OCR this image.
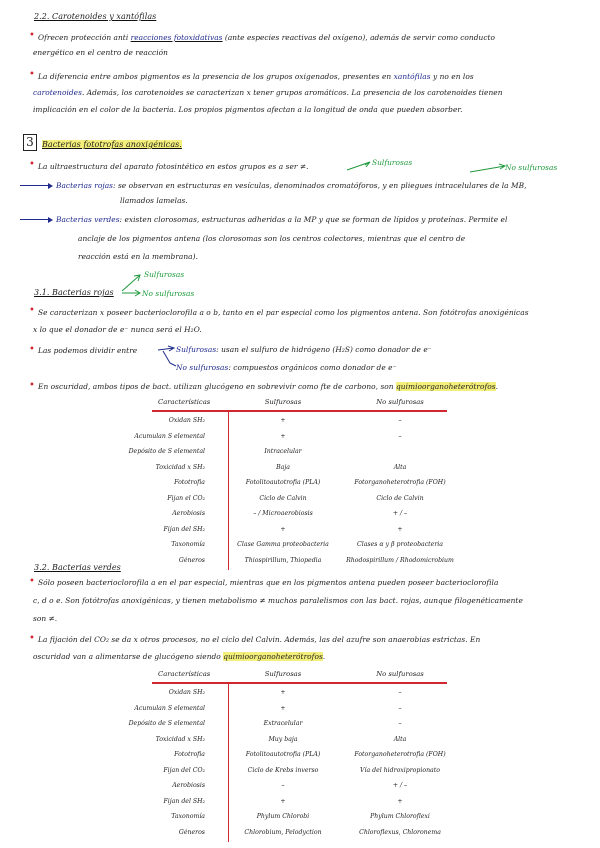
2.2. Carotenoides y xantófilas
• Ofrecen protección anti reacciones fotoxidativas (ante especies reactivas del oxígeno), además de servir como conducto
energético en el centro de reacción
• La diferencia entre ambos pigmentos es la presencia de los grupos oxigenados, presentes en xantófilas y no en los
carotenoides. Además, los carotenoides se caracterizan x tener grupos aromáticos. La presencia de los carotenoides tienen
implicación en el color de la bacteria. Los propios pigmentos afectan a la longitud de onda que pueden absorber.
3	Bacterias fototrofas anoxigénicas.
• La ultraestructura del aparato fotosintético en estos grupos es a ser ≠.	Sulfurosas
No sulfurosas
Bacterias rojas: se observan en estructuras en vesículas, denominados cromatóforos, y en pliegues intracelulares de la MB,
llamados lamelas.
Bacterias verdes: existen clorosomas, estructuras adheridas a la MP y que se forman de lípidos y proteínas. Permite el
anclaje de los pigmentos antena (los clorosomas son los centros colectores, mientras que el centro de
reacción está en la membrana).
Sulfurosas
3.1. Bacterias rojas	No sulfurosas
• Se caracterizan x poseer bacterioclorofila a o b, tanto en el par especial como los pigmentos antena. Son fotótrofas anoxigénicas
x lo que el donador de e⁻ nunca será el H₂O.
• Las podemos dividir entre	Sulfurosas: usan el sulfuro de hidrógeno (H₂S) como donador de e⁻
No sulfurosas: compuestos orgánicos como donador de e⁻
• En oscuridad, ambos tipos de bact. utilizan glucógeno en sobrevivir como fte de carbono, son quimioorganoheterótrofos.
Características	Sulfurosas	No sulfurosas
Oxidan SH₂	+	–
Acumulan S elemental	+	–
Depósito de S elemental	Intracelular
Toxicidad x SH₂	Baja	Alta
Fototrofia	Fotolitoautotrofia (PLA)	Fotorganoheterotrofia (FOH)
Fijan el CO₂	Ciclo de Calvin	Ciclo de Calvin
Aerobiosis	– / Microaerobiosis	+ / –
Fijan del SH₂	+	+
Taxonomía	Clase Gamma proteobacteria	Clases α y β proteobacteria
Géneros	Thiospirillum, Thiopedia	Rhodospirillum / Rhodomicrobium
3.2. Bacterias verdes
• Sólo poseen bacterioclorofila a en el par especial, mientras que en los pigmentos antena pueden poseer bacterioclorofila
c, d o e. Son fotótrofas anoxigénicas, y tienen metabolismo ≠ muchos paralelismos con las bact. rojas, aunque filogenéticamente
son ≠.
• La fijación del CO₂ se da x otros procesos, no el ciclo del Calvin. Además, las del azufre son anaerobias estrictas. En
oscuridad van a alimentarse de glucógeno siendo quimioorganoheterótrofos.
Características	Sulfurosas	No sulfurosas
Oxidan SH₂	+	–
Acumulan S elemental	+	–
Depósito de S elemental	Extracelular	–
Toxicidad x SH₂	Muy baja	Alta
Fototrofia	Fotolitoautotrofia (PLA)	Fotorganoheterotrofia (FOH)
Fijan del CO₂	Ciclo de Krebs inverso	Vía del hidroxipropionato
Aerobiosis	–	+ / –
Fijan del SH₂	+	+
Taxonomía	Phylum Chlorobi	Phylum Chloroflexi
Géneros	Chlorobium, Pelodyction	Chloroflexus, Chloronema
